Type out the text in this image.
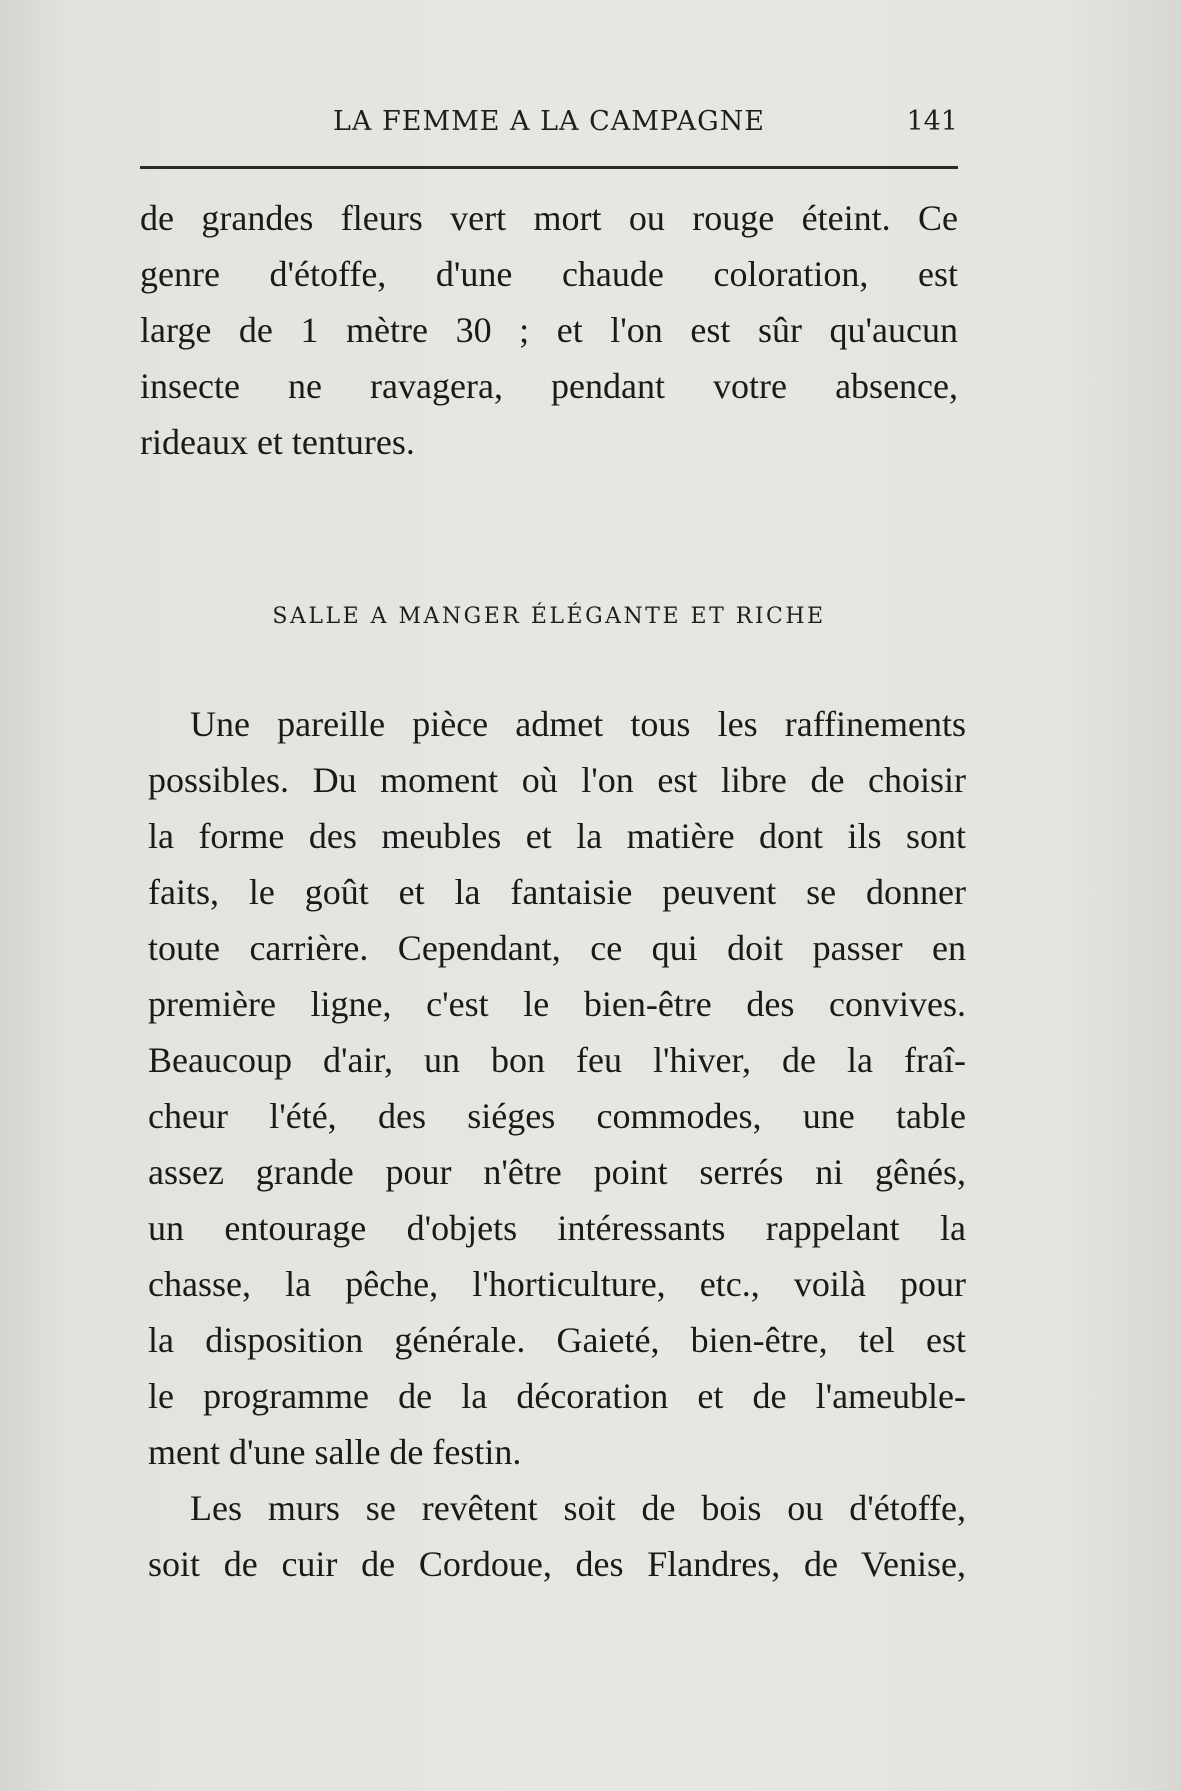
LA FEMME A LA CAMPAGNE	141
de grandes fleurs vert mort ou rouge éteint. Ce
genre d'étoffe, d'une chaude coloration, est
large de 1 mètre 30 ; et l'on est sûr qu'aucun
insecte ne ravagera, pendant votre absence,
rideaux et tentures.
SALLE A MANGER ÉLÉGANTE ET RICHE
Une pareille pièce admet tous les raffinements
possibles. Du moment où l'on est libre de choisir
la forme des meubles et la matière dont ils sont
faits, le goût et la fantaisie peuvent se donner
toute carrière. Cependant, ce qui doit passer en
première ligne, c'est le bien-être des convives.
Beaucoup d'air, un bon feu l'hiver, de la fraî-
cheur l'été, des siéges commodes, une table
assez grande pour n'être point serrés ni gênés,
un entourage d'objets intéressants rappelant la
chasse, la pêche, l'horticulture, etc., voilà pour
la disposition générale. Gaieté, bien-être, tel est
le programme de la décoration et de l'ameuble-
ment d'une salle de festin.
Les murs se revêtent soit de bois ou d'étoffe,
soit de cuir de Cordoue, des Flandres, de Venise,
